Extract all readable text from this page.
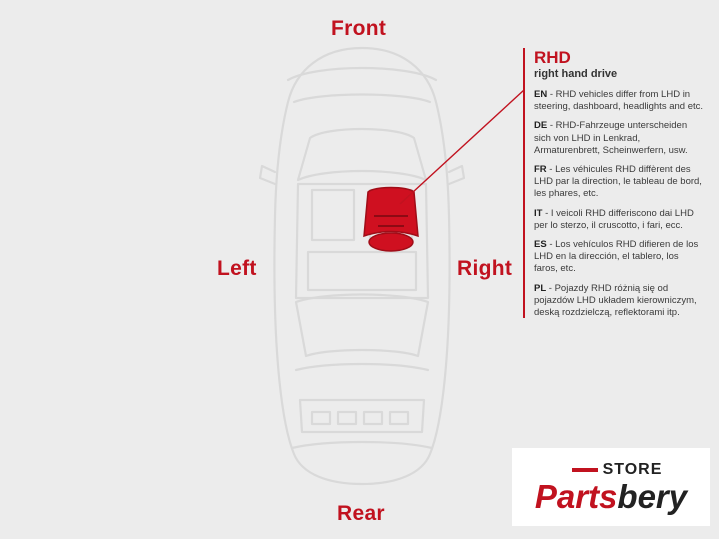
Front
Rear
Left	Right
RHD
right hand drive
EN - RHD vehicles differ from LHD in steering, dashboard, headlights and etc.
DE - RHD-Fahrzeuge unterscheiden sich von LHD in Lenkrad, Armaturenbrett, Scheinwerfern, usw.
FR - Les véhicules RHD diffèrent des LHD par la direction, le tableau de bord, les phares, etc.
IT - I veicoli RHD differiscono dai LHD per lo sterzo, il cruscotto, i fari, ecc.
ES - Los vehículos RHD difieren de los LHD en la dirección, el tablero, los faros, etc.
PL - Pojazdy RHD różnią się od pojazdów LHD układem kierowniczym, deską rozdzielczą, reflektorami itp.
STORE
Partsbery
